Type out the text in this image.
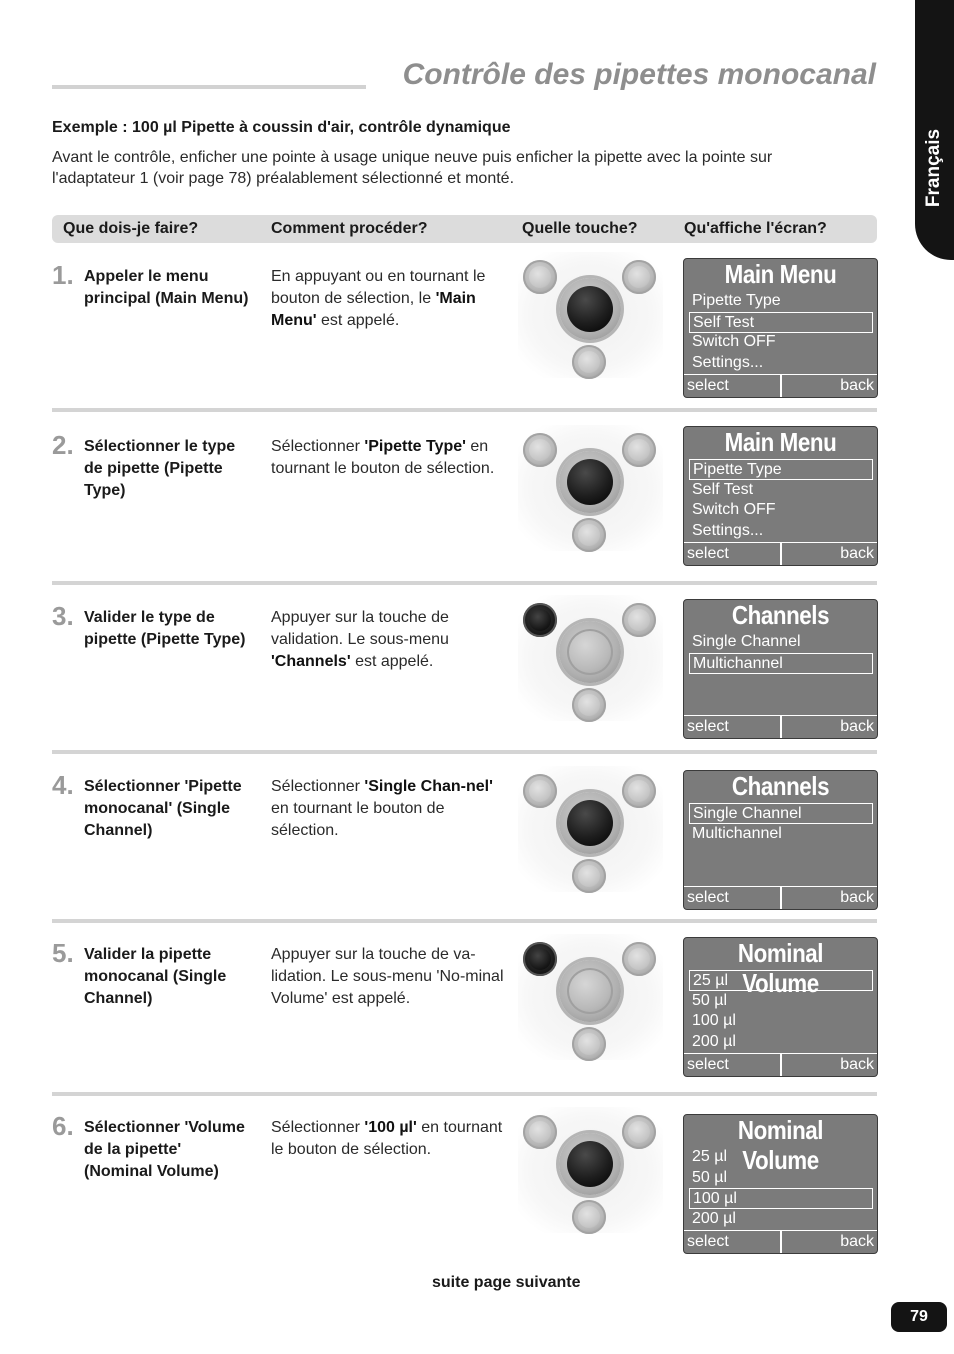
Contrôle des pipettes monocanal
Français
Exemple : 100 µl Pipette à coussin d'air, contrôle dynamique
Avant le contrôle, enficher une pointe à usage unique neuve puis enficher la pipette avec la pointe sur l'adaptateur 1 (voir page 78) préalablement sélectionné et monté.
Que dois-je faire?	Comment procéder?	Quelle touche?	Qu'affiche l'écran?
1. Appeler le menu principal (Main Menu)
En appuyant ou en tournant le bouton de sélection, le 'Main Menu' est appelé.
Main Menu
Pipette Type
Self Test
Switch OFF
Settings...
select	back
2. Sélectionner le type de pipette (Pipette Type)
Sélectionner 'Pipette Type' en tournant le bouton de sélection.
Main Menu
Pipette Type
Self Test
Switch OFF
Settings...
select	back
3. Valider le type de pipette (Pipette Type)
Appuyer sur la touche de validation. Le sous-menu 'Channels' est appelé.
Channels
Single Channel
Multichannel
select	back
4. Sélectionner 'Pipette monocanal' (Single Channel)
Sélectionner 'Single Chan-nel' en tournant le bouton de sélection.
Channels
Single Channel
Multichannel
select	back
5. Valider la pipette monocanal (Single Channel)
Appuyer sur la touche de va-lidation. Le sous-menu 'No-minal Volume' est appelé.
Nominal Volume
25 µl
50 µl
100 µl
200 µl
select	back
6. Sélectionner 'Volume de la pipette' (Nominal Volume)
Sélectionner '100 µl' en tournant le bouton de sélection.
Nominal Volume
25 µl
50 µl
100 µl
200 µl
select	back
suite page suivante
79
